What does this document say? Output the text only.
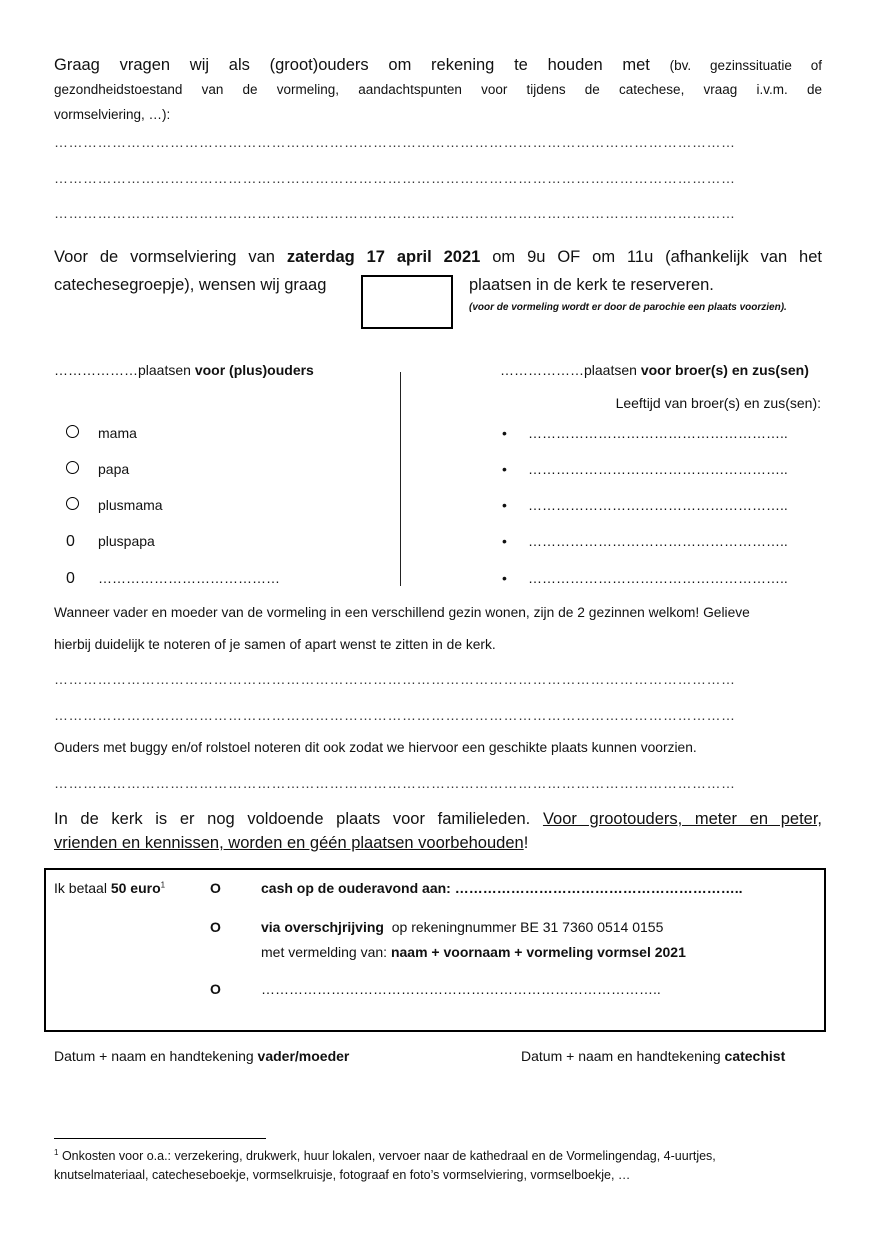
Graag vragen wij als (groot)ouders om rekening te houden met (bv. gezinssituatie of
gezondheidstoestand van de vormeling, aandachtspunten voor tijdens de catechese, vraag i.v.m. de
vormselviering, …):
……………………………………………………………………………………………………………………………
……………………………………………………………………………………………………………………………
……………………………………………………………………………………………………………………………
Voor de vormselviering van zaterdag 17 april 2021 om 9u OF om 11u (afhankelijk van het
catechesegroepje), wensen wij graag	plaatsen in de kerk te reserveren.
(voor de vormeling wordt er door de parochie een plaats voorzien).
………………plaatsen voor (plus)ouders
mama
papa
plusmama
0 pluspapa
0 …………………………………
………………plaatsen voor broer(s) en zus(sen)
Leeftijd van broer(s) en zus(sen):
• ………………………………………………..
• ………………………………………………..
• ………………………………………………..
• ………………………………………………..
• ………………………………………………..
Wanneer vader en moeder van de vormeling in een verschillend gezin wonen, zijn de 2 gezinnen welkom! Gelieve
hierbij duidelijk te noteren of je samen of apart wenst te zitten in de kerk.
……………………………………………………………………………………………………………………………
……………………………………………………………………………………………………………………………
Ouders met buggy en/of rolstoel noteren dit ook zodat we hiervoor een geschikte plaats kunnen voorzien.
……………………………………………………………………………………………………………………………
In de kerk is er nog voldoende plaats voor familieleden. Voor grootouders, meter en peter,
vrienden en kennissen, worden en géén plaatsen voorbehouden!
Ik betaal 50 euro$^1$	O	cash op de ouderavond aan: ……………………………………………………..
O	via overschjrijving op rekeningnummer BE 31 7360 0514 0155
met vermelding van: naam + voornaam + vormeling vormsel 2021
O	…………………………………………………………………………..
Datum + naam en handtekening vader/moeder	Datum + naam en handtekening catechist
$^1$ Onkosten voor o.a.: verzekering, drukwerk, huur lokalen, vervoer naar de kathedraal en de Vormelingendag, 4-uurtjes,
knutselmateriaal, catecheseboekje, vormselkruisje, fotograaf en foto’s vormselviering, vormselboekje, …
